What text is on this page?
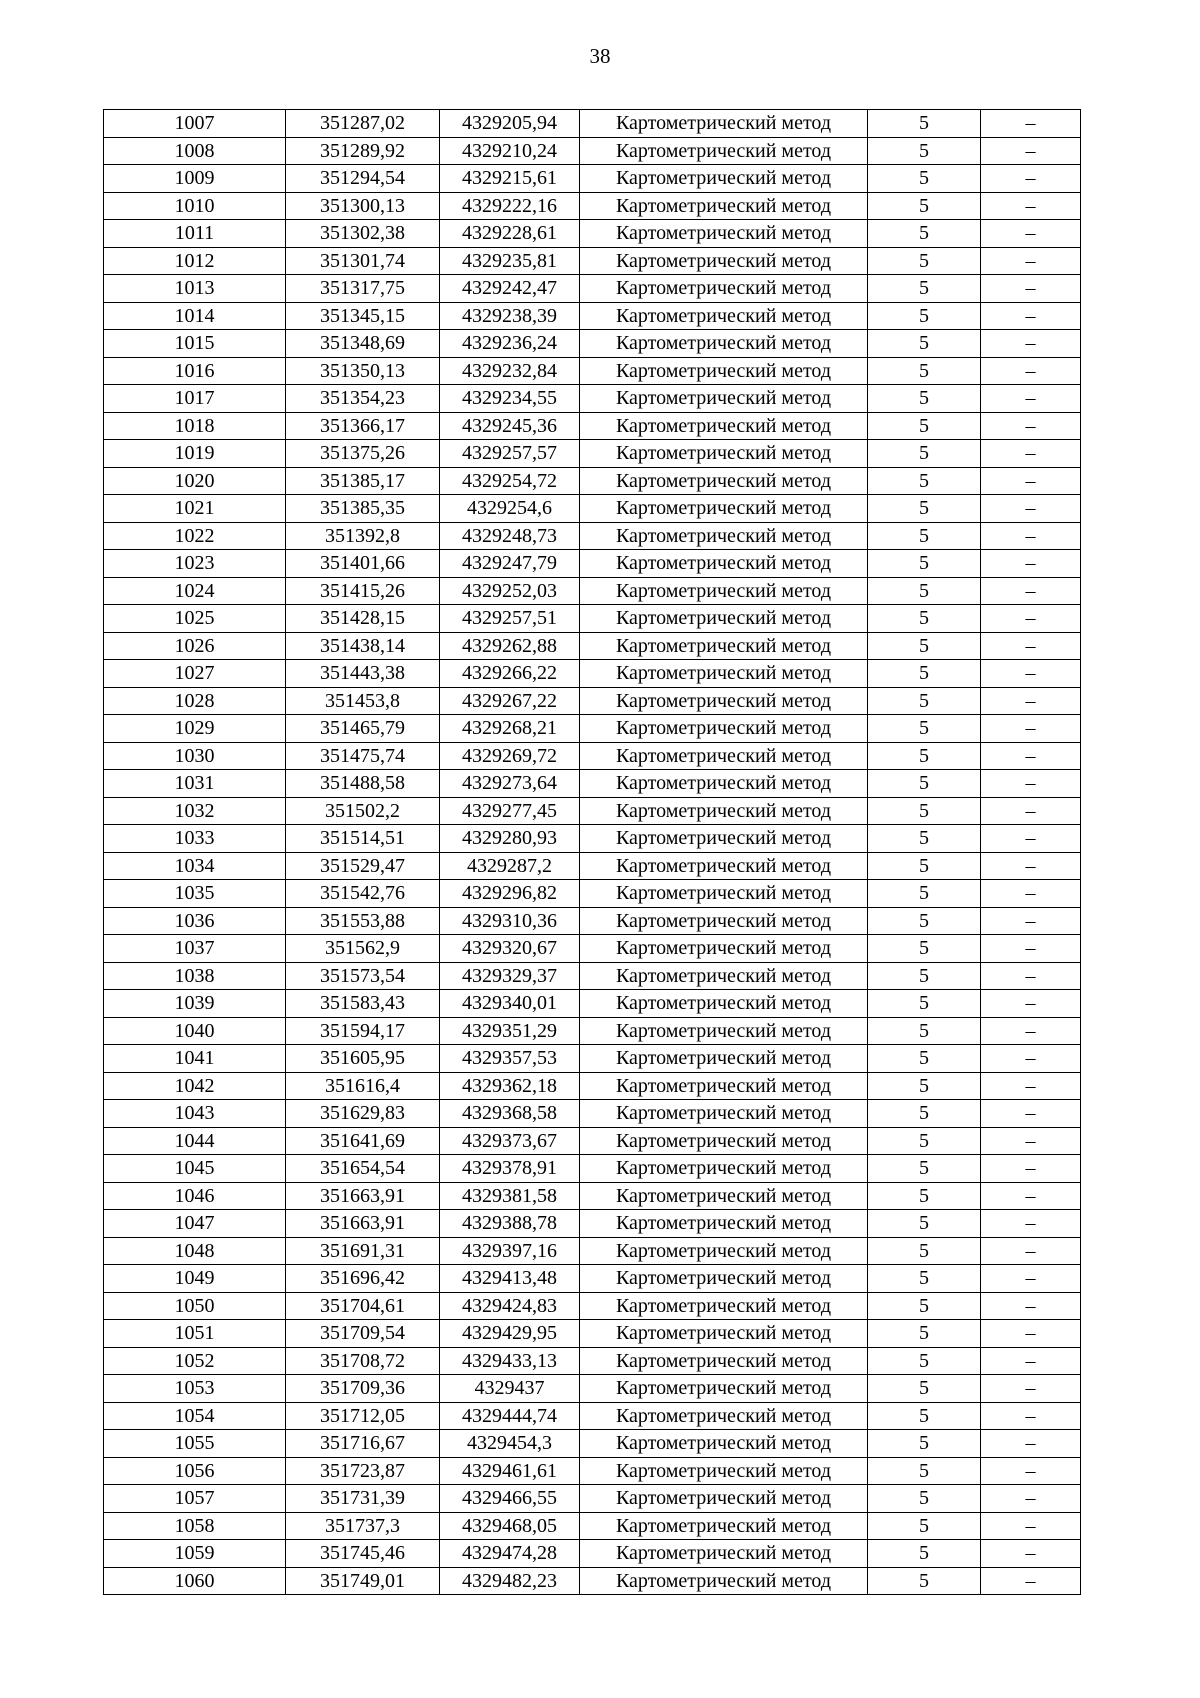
38
1007	351287,02	4329205,94	Картометрический метод	5	–
1008	351289,92	4329210,24	Картометрический метод	5	–
1009	351294,54	4329215,61	Картометрический метод	5	–
1010	351300,13	4329222,16	Картометрический метод	5	–
1011	351302,38	4329228,61	Картометрический метод	5	–
1012	351301,74	4329235,81	Картометрический метод	5	–
1013	351317,75	4329242,47	Картометрический метод	5	–
1014	351345,15	4329238,39	Картометрический метод	5	–
1015	351348,69	4329236,24	Картометрический метод	5	–
1016	351350,13	4329232,84	Картометрический метод	5	–
1017	351354,23	4329234,55	Картометрический метод	5	–
1018	351366,17	4329245,36	Картометрический метод	5	–
1019	351375,26	4329257,57	Картометрический метод	5	–
1020	351385,17	4329254,72	Картометрический метод	5	–
1021	351385,35	4329254,6	Картометрический метод	5	–
1022	351392,8	4329248,73	Картометрический метод	5	–
1023	351401,66	4329247,79	Картометрический метод	5	–
1024	351415,26	4329252,03	Картометрический метод	5	–
1025	351428,15	4329257,51	Картометрический метод	5	–
1026	351438,14	4329262,88	Картометрический метод	5	–
1027	351443,38	4329266,22	Картометрический метод	5	–
1028	351453,8	4329267,22	Картометрический метод	5	–
1029	351465,79	4329268,21	Картометрический метод	5	–
1030	351475,74	4329269,72	Картометрический метод	5	–
1031	351488,58	4329273,64	Картометрический метод	5	–
1032	351502,2	4329277,45	Картометрический метод	5	–
1033	351514,51	4329280,93	Картометрический метод	5	–
1034	351529,47	4329287,2	Картометрический метод	5	–
1035	351542,76	4329296,82	Картометрический метод	5	–
1036	351553,88	4329310,36	Картометрический метод	5	–
1037	351562,9	4329320,67	Картометрический метод	5	–
1038	351573,54	4329329,37	Картометрический метод	5	–
1039	351583,43	4329340,01	Картометрический метод	5	–
1040	351594,17	4329351,29	Картометрический метод	5	–
1041	351605,95	4329357,53	Картометрический метод	5	–
1042	351616,4	4329362,18	Картометрический метод	5	–
1043	351629,83	4329368,58	Картометрический метод	5	–
1044	351641,69	4329373,67	Картометрический метод	5	–
1045	351654,54	4329378,91	Картометрический метод	5	–
1046	351663,91	4329381,58	Картометрический метод	5	–
1047	351663,91	4329388,78	Картометрический метод	5	–
1048	351691,31	4329397,16	Картометрический метод	5	–
1049	351696,42	4329413,48	Картометрический метод	5	–
1050	351704,61	4329424,83	Картометрический метод	5	–
1051	351709,54	4329429,95	Картометрический метод	5	–
1052	351708,72	4329433,13	Картометрический метод	5	–
1053	351709,36	4329437	Картометрический метод	5	–
1054	351712,05	4329444,74	Картометрический метод	5	–
1055	351716,67	4329454,3	Картометрический метод	5	–
1056	351723,87	4329461,61	Картометрический метод	5	–
1057	351731,39	4329466,55	Картометрический метод	5	–
1058	351737,3	4329468,05	Картометрический метод	5	–
1059	351745,46	4329474,28	Картометрический метод	5	–
1060	351749,01	4329482,23	Картометрический метод	5	–
